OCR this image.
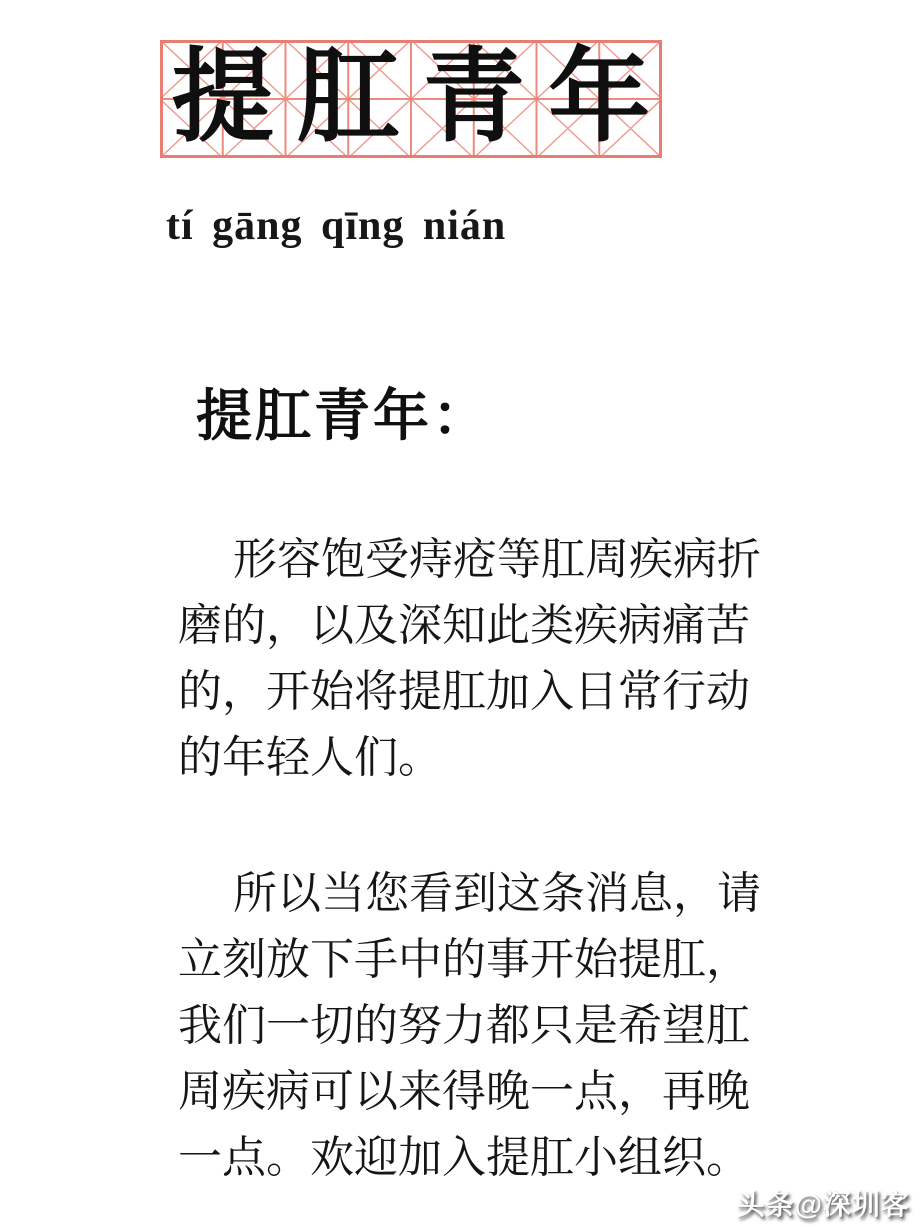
提 肛 青 年
tí gāng qīng nián
提肛青年：
形容饱受痔疮等肛周疾病折
磨的，以及深知此类疾病痛苦
的，开始将提肛加入日常行动
的年轻人们。
所以当您看到这条消息，请
立刻放下手中的事开始提肛，
我们一切的努力都只是希望肛
周疾病可以来得晚一点，再晚
一点。欢迎加入提肛小组织。
头条@深圳客
